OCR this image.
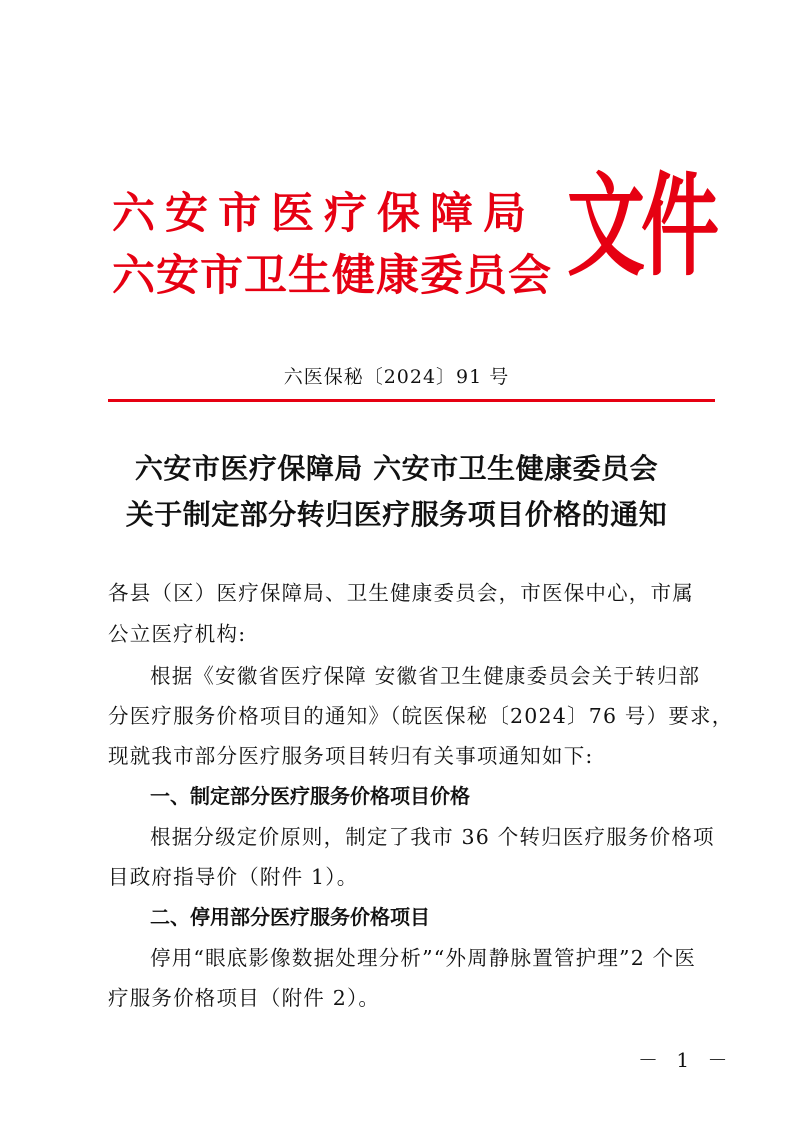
六安市医疗保障局
六安市卫生健康委员会 文件
六医保秘〔2024〕91 号
六安市医疗保障局 六安市卫生健康委员会
关于制定部分转归医疗服务项目价格的通知
各县（区）医疗保障局、卫生健康委员会，市医保中心，市属
公立医疗机构:
根据《安徽省医疗保障 安徽省卫生健康委员会关于转归部
分医疗服务价格项目的通知》（皖医保秘〔2024〕76 号）要求，
现就我市部分医疗服务项目转归有关事项通知如下:
一、制定部分医疗服务价格项目价格
根据分级定价原则，制定了我市 36 个转归医疗服务价格项
目政府指导价（附件 1）。
二、停用部分医疗服务价格项目
停用“眼底影像数据处理分析”“外周静脉置管护理”2 个医
疗服务价格项目（附件 2）。
－ 1 －
